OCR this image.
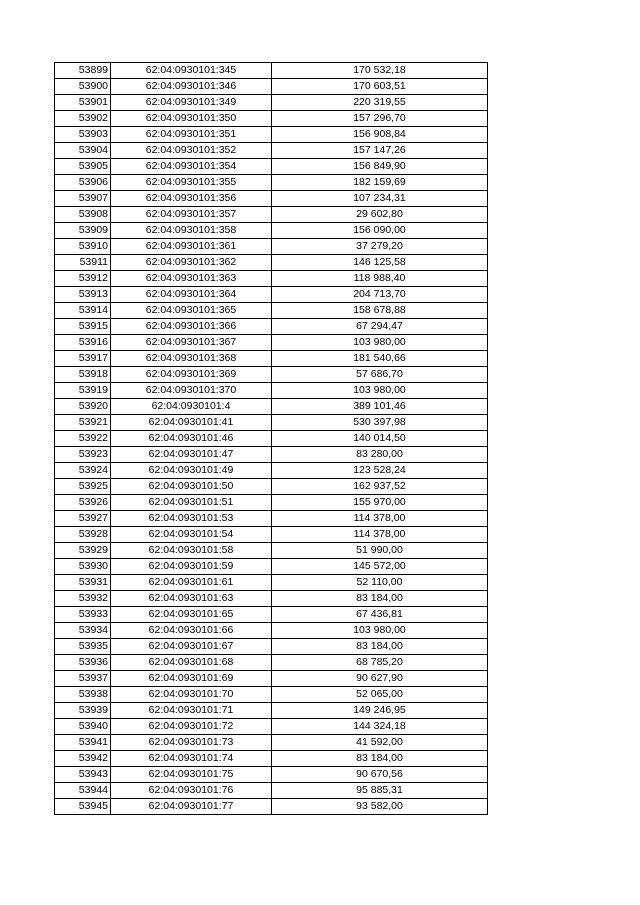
53899	62:04:0930101:345	170 532,18
53900	62:04:0930101:346	170 603,51
53901	62:04:0930101:349	220 319,55
53902	62:04:0930101:350	157 296,70
53903	62:04:0930101:351	156 908,84
53904	62:04:0930101:352	157 147,26
53905	62:04:0930101:354	156 849,90
53906	62:04:0930101:355	182 159,69
53907	62:04:0930101:356	107 234,31
53908	62:04:0930101:357	29 602,80
53909	62:04:0930101:358	156 090,00
53910	62:04:0930101:361	37 279,20
53911	62:04:0930101:362	146 125,58
53912	62:04:0930101:363	118 988,40
53913	62:04:0930101:364	204 713,70
53914	62:04:0930101:365	158 678,88
53915	62:04:0930101:366	67 294,47
53916	62:04:0930101:367	103 980,00
53917	62:04:0930101:368	181 540,66
53918	62:04:0930101:369	57 686,70
53919	62:04:0930101:370	103 980,00
53920	62:04:0930101:4	389 101,46
53921	62:04:0930101:41	530 397,98
53922	62:04:0930101:46	140 014,50
53923	62:04:0930101:47	83 280,00
53924	62:04:0930101:49	123 528,24
53925	62:04:0930101:50	162 937,52
53926	62:04:0930101:51	155 970,00
53927	62:04:0930101:53	114 378,00
53928	62:04:0930101:54	114 378,00
53929	62:04:0930101:58	51 990,00
53930	62:04:0930101:59	145 572,00
53931	62:04:0930101:61	52 110,00
53932	62:04:0930101:63	83 184,00
53933	62:04:0930101:65	67 436,81
53934	62:04:0930101:66	103 980,00
53935	62:04:0930101:67	83 184,00
53936	62:04:0930101:68	68 785,20
53937	62:04:0930101:69	90 627,90
53938	62:04:0930101:70	52 065,00
53939	62:04:0930101:71	149 246,95
53940	62:04:0930101:72	144 324,18
53941	62:04:0930101:73	41 592,00
53942	62:04:0930101:74	83 184,00
53943	62:04:0930101:75	90 670,56
53944	62:04:0930101:76	95 885,31
53945	62:04:0930101:77	93 582,00
